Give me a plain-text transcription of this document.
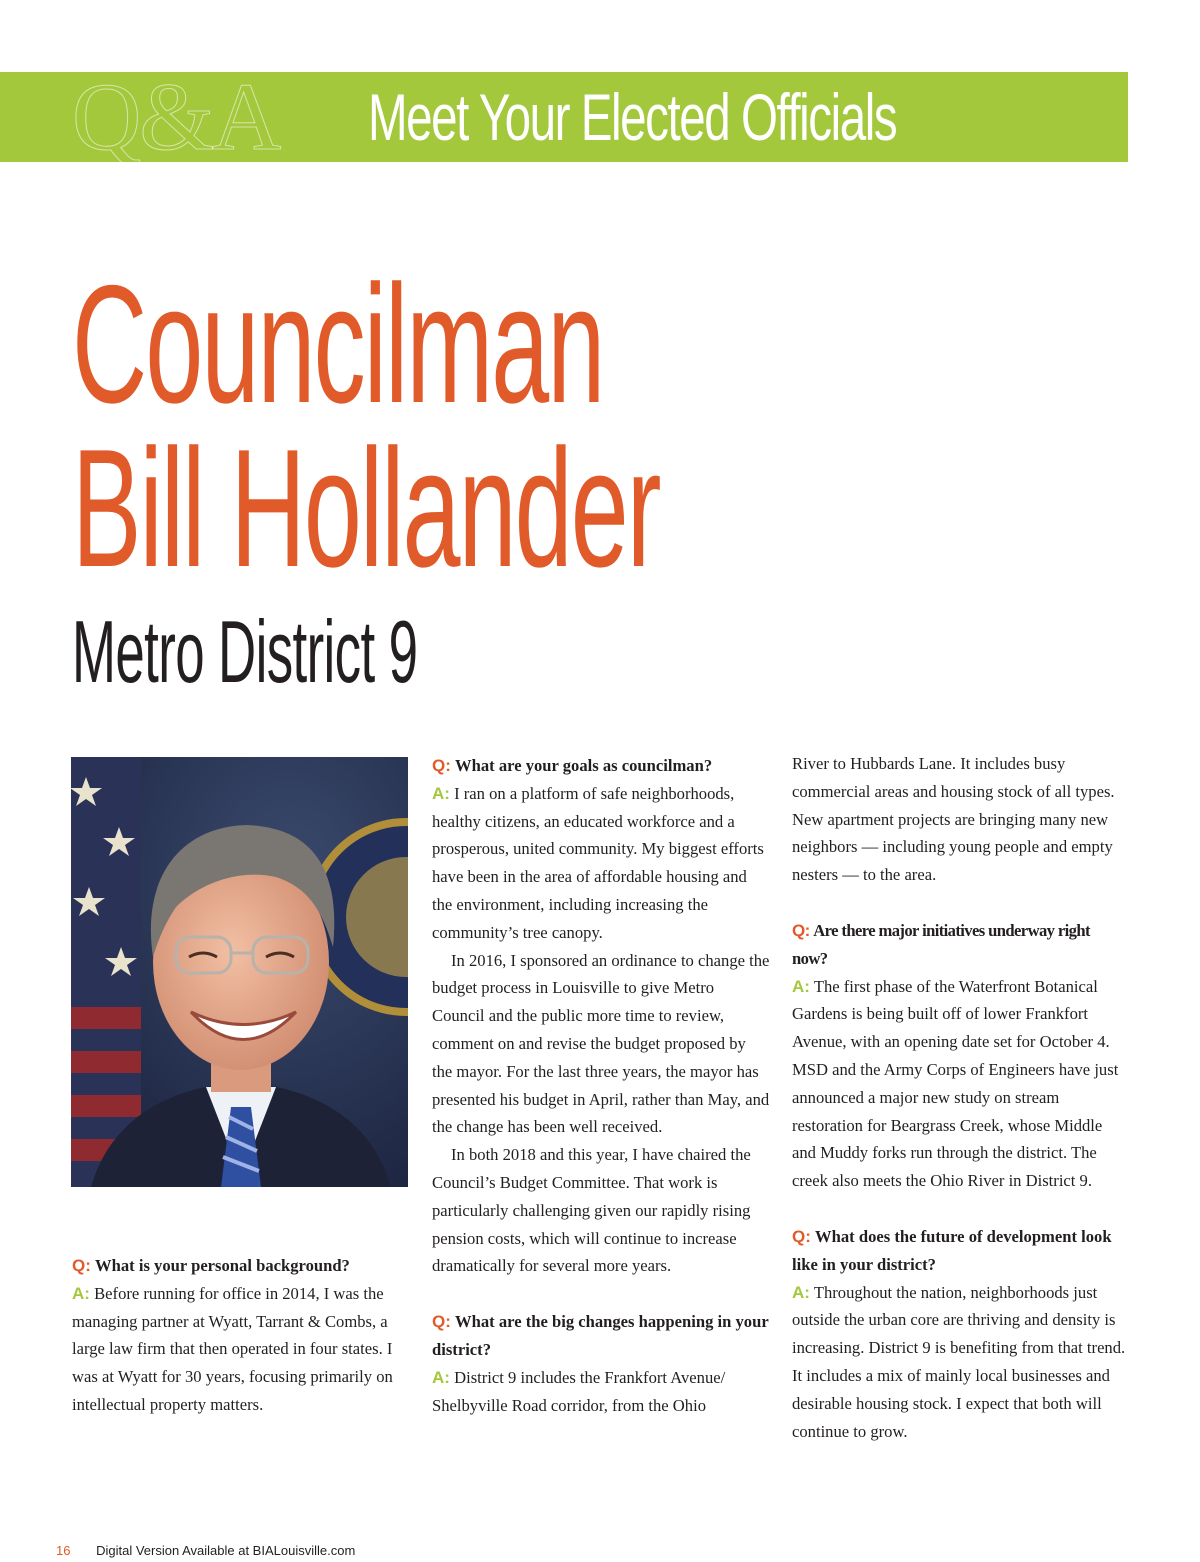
Q&A Meet Your Elected Officials
Councilman
Bill Hollander
Metro District 9

Q: What is your personal background?

A: Before running for office in 2014, I was the managing partner at Wyatt, Tarrant & Combs, a large law firm that then operated in four states. I was at Wyatt for 30 years, focusing primarily on intellectual property matters.

Q: What are your goals as councilman?

A: I ran on a platform of safe neighborhoods, healthy citizens, an educated workforce and a prosperous, united community. My biggest efforts have been in the area of affordable housing and the environment, including increasing the community’s tree canopy.

In 2016, I sponsored an ordinance to change the budget process in Louisville to give Metro Council and the public more time to review, comment on and revise the budget proposed by the mayor. For the last three years, the mayor has presented his budget in April, rather than May, and the change has been well received.

In both 2018 and this year, I have chaired the Council’s Budget Committee. That work is particularly challenging given our rapidly rising pension costs, which will continue to increase dramatically for several more years.

Q: What are the big changes happening in your district?

A: District 9 includes the Frankfort Avenue/ Shelbyville Road corridor, from the Ohio

River to Hubbards Lane. It includes busy commercial areas and housing stock of all types. New apartment projects are bringing many new neighbors — including young people and empty nesters — to the area.

Q: Are there major initiatives underway right now?

A: The first phase of the Waterfront Botanical Gardens is being built off of lower Frankfort Avenue, with an opening date set for October 4. MSD and the Army Corps of Engineers have just announced a major new study on stream restoration for Beargrass Creek, whose Middle and Muddy forks run through the district. The creek also meets the Ohio River in District 9.

Q: What does the future of development look like in your district?

A: Throughout the nation, neighborhoods just outside the urban core are thriving and density is increasing. District 9 is benefiting from that trend. It includes a mix of mainly local businesses and desirable housing stock. I expect that both will continue to grow.

16 Digital Version Available at BIALouisville.com
